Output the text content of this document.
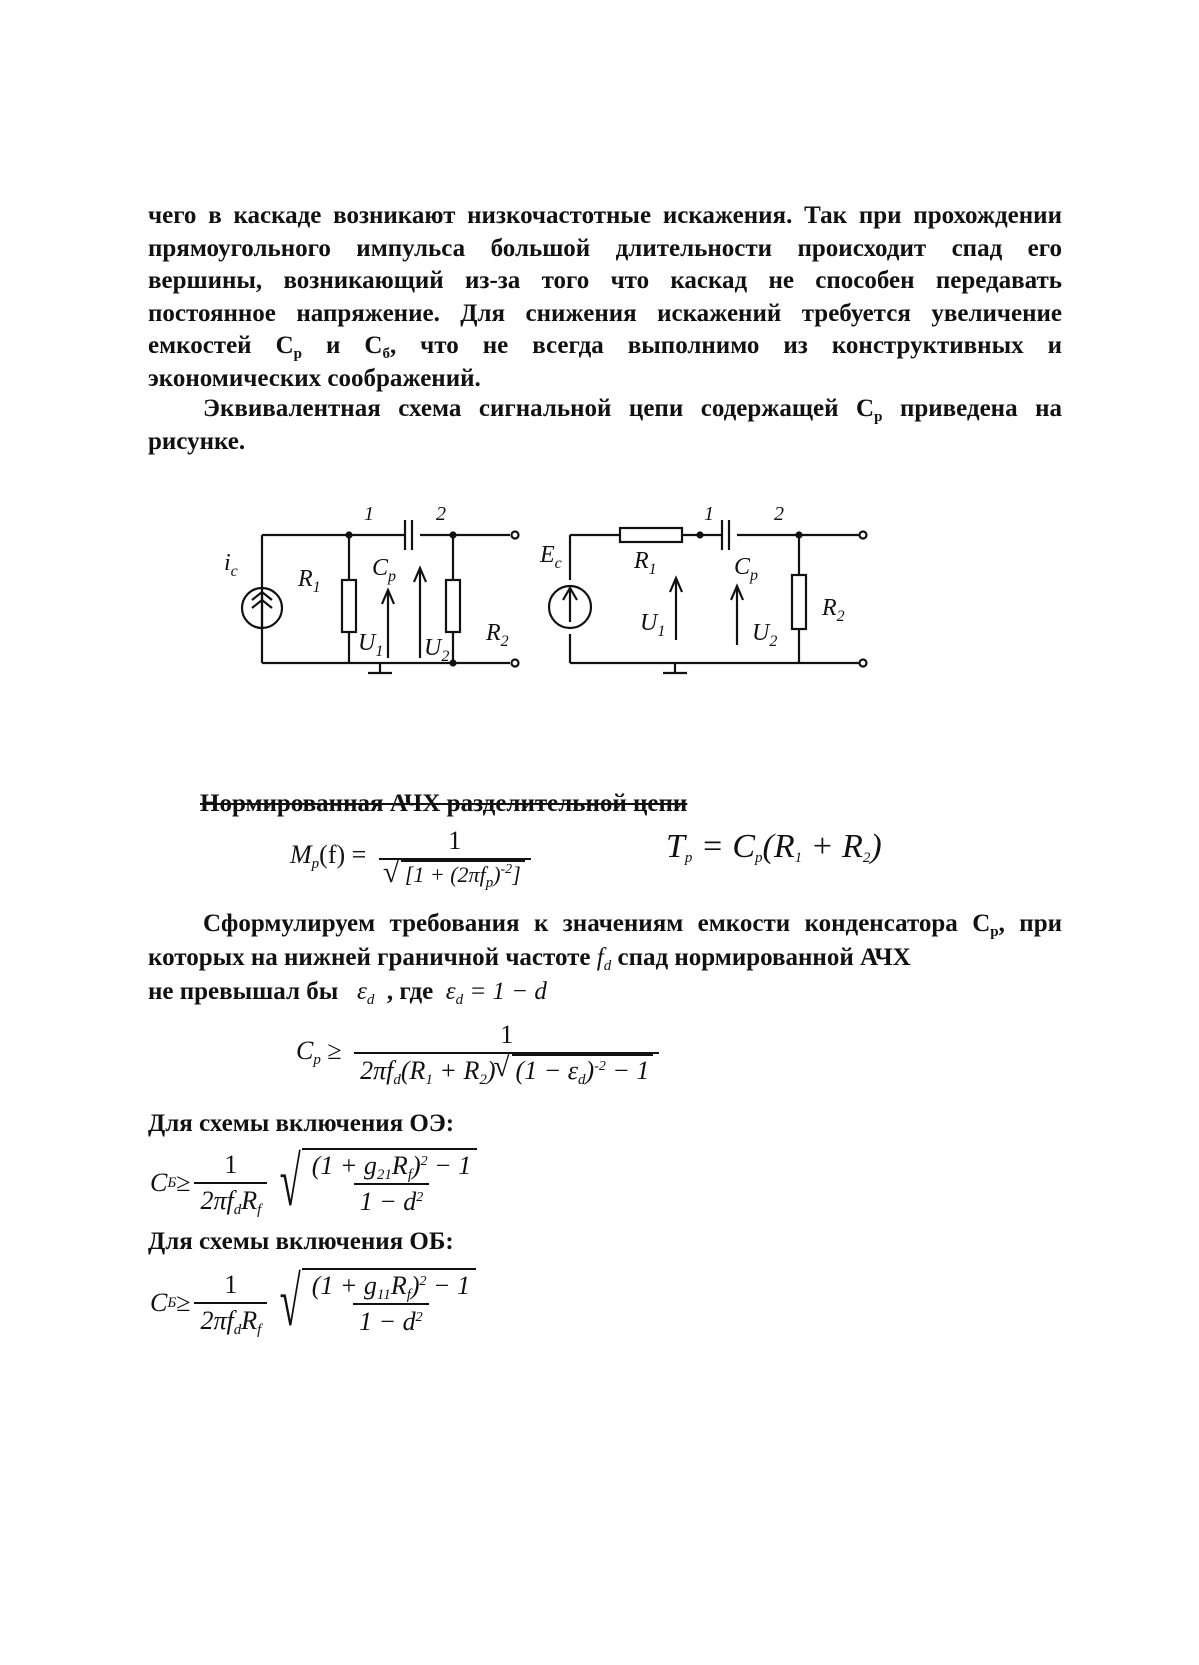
чего в каскаде возникают низкочастотные искажения. Так при прохождении прямоугольного импульса большой длительности происходит спад его вершины, возникающий из-за того что каскад не способен передавать постоянное напряжение. Для снижения искажений требуется увеличение емкостей $С_р$ и $С_б$, что не всегда выполнимо из конструктивных и экономических соображений.

Эквивалентная схема сигнальной цепи содержащей $С_р$ приведена на рисунке.

$i_c$	$R_1$
1	2
$C_p$
$U_1$ $U_2$
$R_2$
$E_c$	$R_1$
1	2
$C_p$
$U_1$	$U_2$
$R_2$

Нормированная АЧХ разделительной цепи

$M_p(f) = 1$
√ $[1 + (2\pi f_p)^{-2}]$	$T_p = C_p(R_1 + R_2)$

Сформулируем требования к значениям емкости конденсатора $С_р$, при которых на нижней граничной частоте $f_d$ спад нормированной АЧХ

не превышал бы $\varepsilon_d$ , где $\varepsilon_d = 1 - d$

$C_p \ge \frac{1}{2\pi f_d(R_1 + R_2)√ (1 - \varepsilon_d)^{-2} - 1}$

Для схемы включения ОЭ:

C $Б \ge \frac{1}{2\pi f_dR_f}$ √ $\frac{(1 + g_{21}R_f)^2 - 1}{1 - d^2}$

Для схемы включения ОБ:

C $Б \ge \frac{1}{2\pi f_dR_f}$ √ $\frac{(1 + g_{11}R_f)^2 - 1}{1 - d^2}$
